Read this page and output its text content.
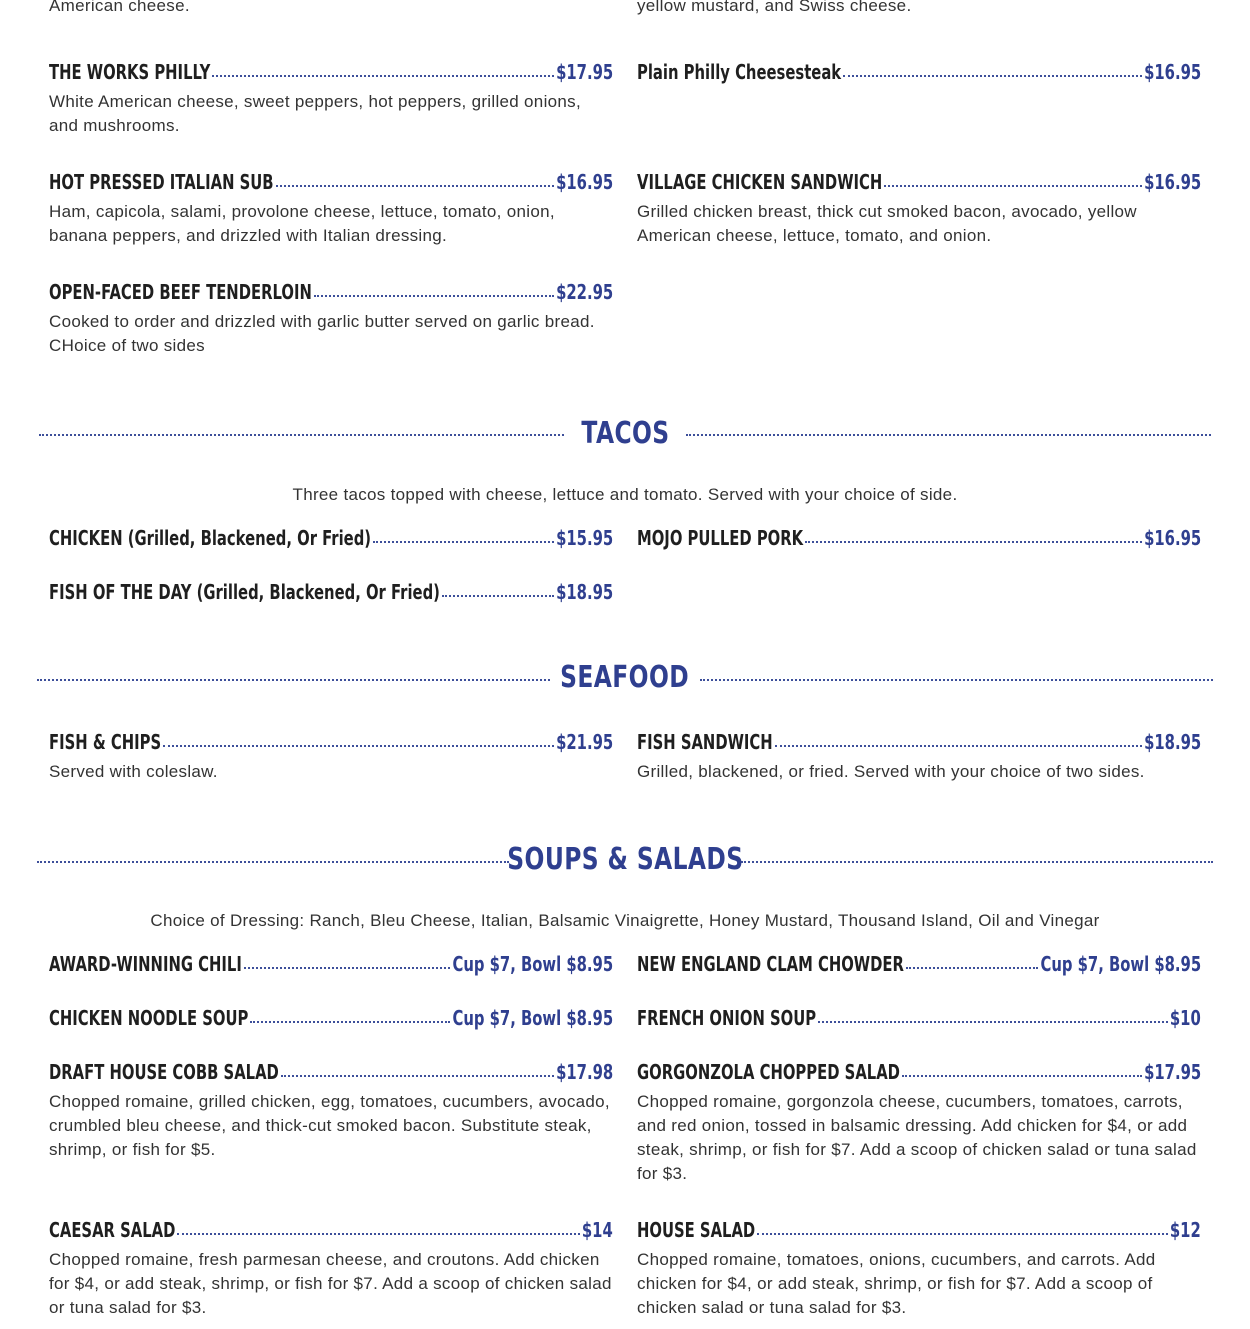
American cheese.	yellow mustard, and Swiss cheese.
THE WORKS PHILLY	$17.95
White American cheese, sweet peppers, hot peppers, grilled onions, and mushrooms.
Plain Philly Cheesesteak	$16.95
HOT PRESSED ITALIAN SUB	$16.95
Ham, capicola, salami, provolone cheese, lettuce, tomato, onion, banana peppers, and drizzled with Italian dressing.
VILLAGE CHICKEN SANDWICH	$16.95
Grilled chicken breast, thick cut smoked bacon, avocado, yellow American cheese, lettuce, tomato, and onion.
OPEN-FACED BEEF TENDERLOIN	$22.95
Cooked to order and drizzled with garlic butter served on garlic bread. CHoice of two sides
TACOS
Three tacos topped with cheese, lettuce and tomato. Served with your choice of side.
CHICKEN (Grilled, Blackened, Or Fried)	$15.95 MOJO PULLED PORK	$16.95
FISH OF THE DAY (Grilled, Blackened, Or Fried)	$18.95
SEAFOOD
FISH & CHIPS	$21.95
Served with coleslaw.
FISH SANDWICH	$18.95
Grilled, blackened, or fried. Served with your choice of two sides.
SOUPS & SALADS
Choice of Dressing: Ranch, Bleu Cheese, Italian, Balsamic Vinaigrette, Honey Mustard, Thousand Island, Oil and Vinegar
AWARD-WINNING CHILI	Cup $7, Bowl $8.95 NEW ENGLAND CLAM CHOWDER	Cup $7, Bowl $8.95
CHICKEN NOODLE SOUP	Cup $7, Bowl $8.95 FRENCH ONION SOUP	$10
DRAFT HOUSE COBB SALAD	$17.98
Chopped romaine, grilled chicken, egg, tomatoes, cucumbers, avocado, crumbled bleu cheese, and thick-cut smoked bacon. Substitute steak, shrimp, or fish for $5.
GORGONZOLA CHOPPED SALAD	$17.95
Chopped romaine, gorgonzola cheese, cucumbers, tomatoes, carrots, and red onion, tossed in balsamic dressing. Add chicken for $4, or add steak, shrimp, or fish for $7. Add a scoop of chicken salad or tuna salad for $3.
CAESAR SALAD	$14
Chopped romaine, fresh parmesan cheese, and croutons. Add chicken for $4, or add steak, shrimp, or fish for $7. Add a scoop of chicken salad or tuna salad for $3.
HOUSE SALAD	$12
Chopped romaine, tomatoes, onions, cucumbers, and carrots. Add chicken for $4, or add steak, shrimp, or fish for $7. Add a scoop of chicken salad or tuna salad for $3.
